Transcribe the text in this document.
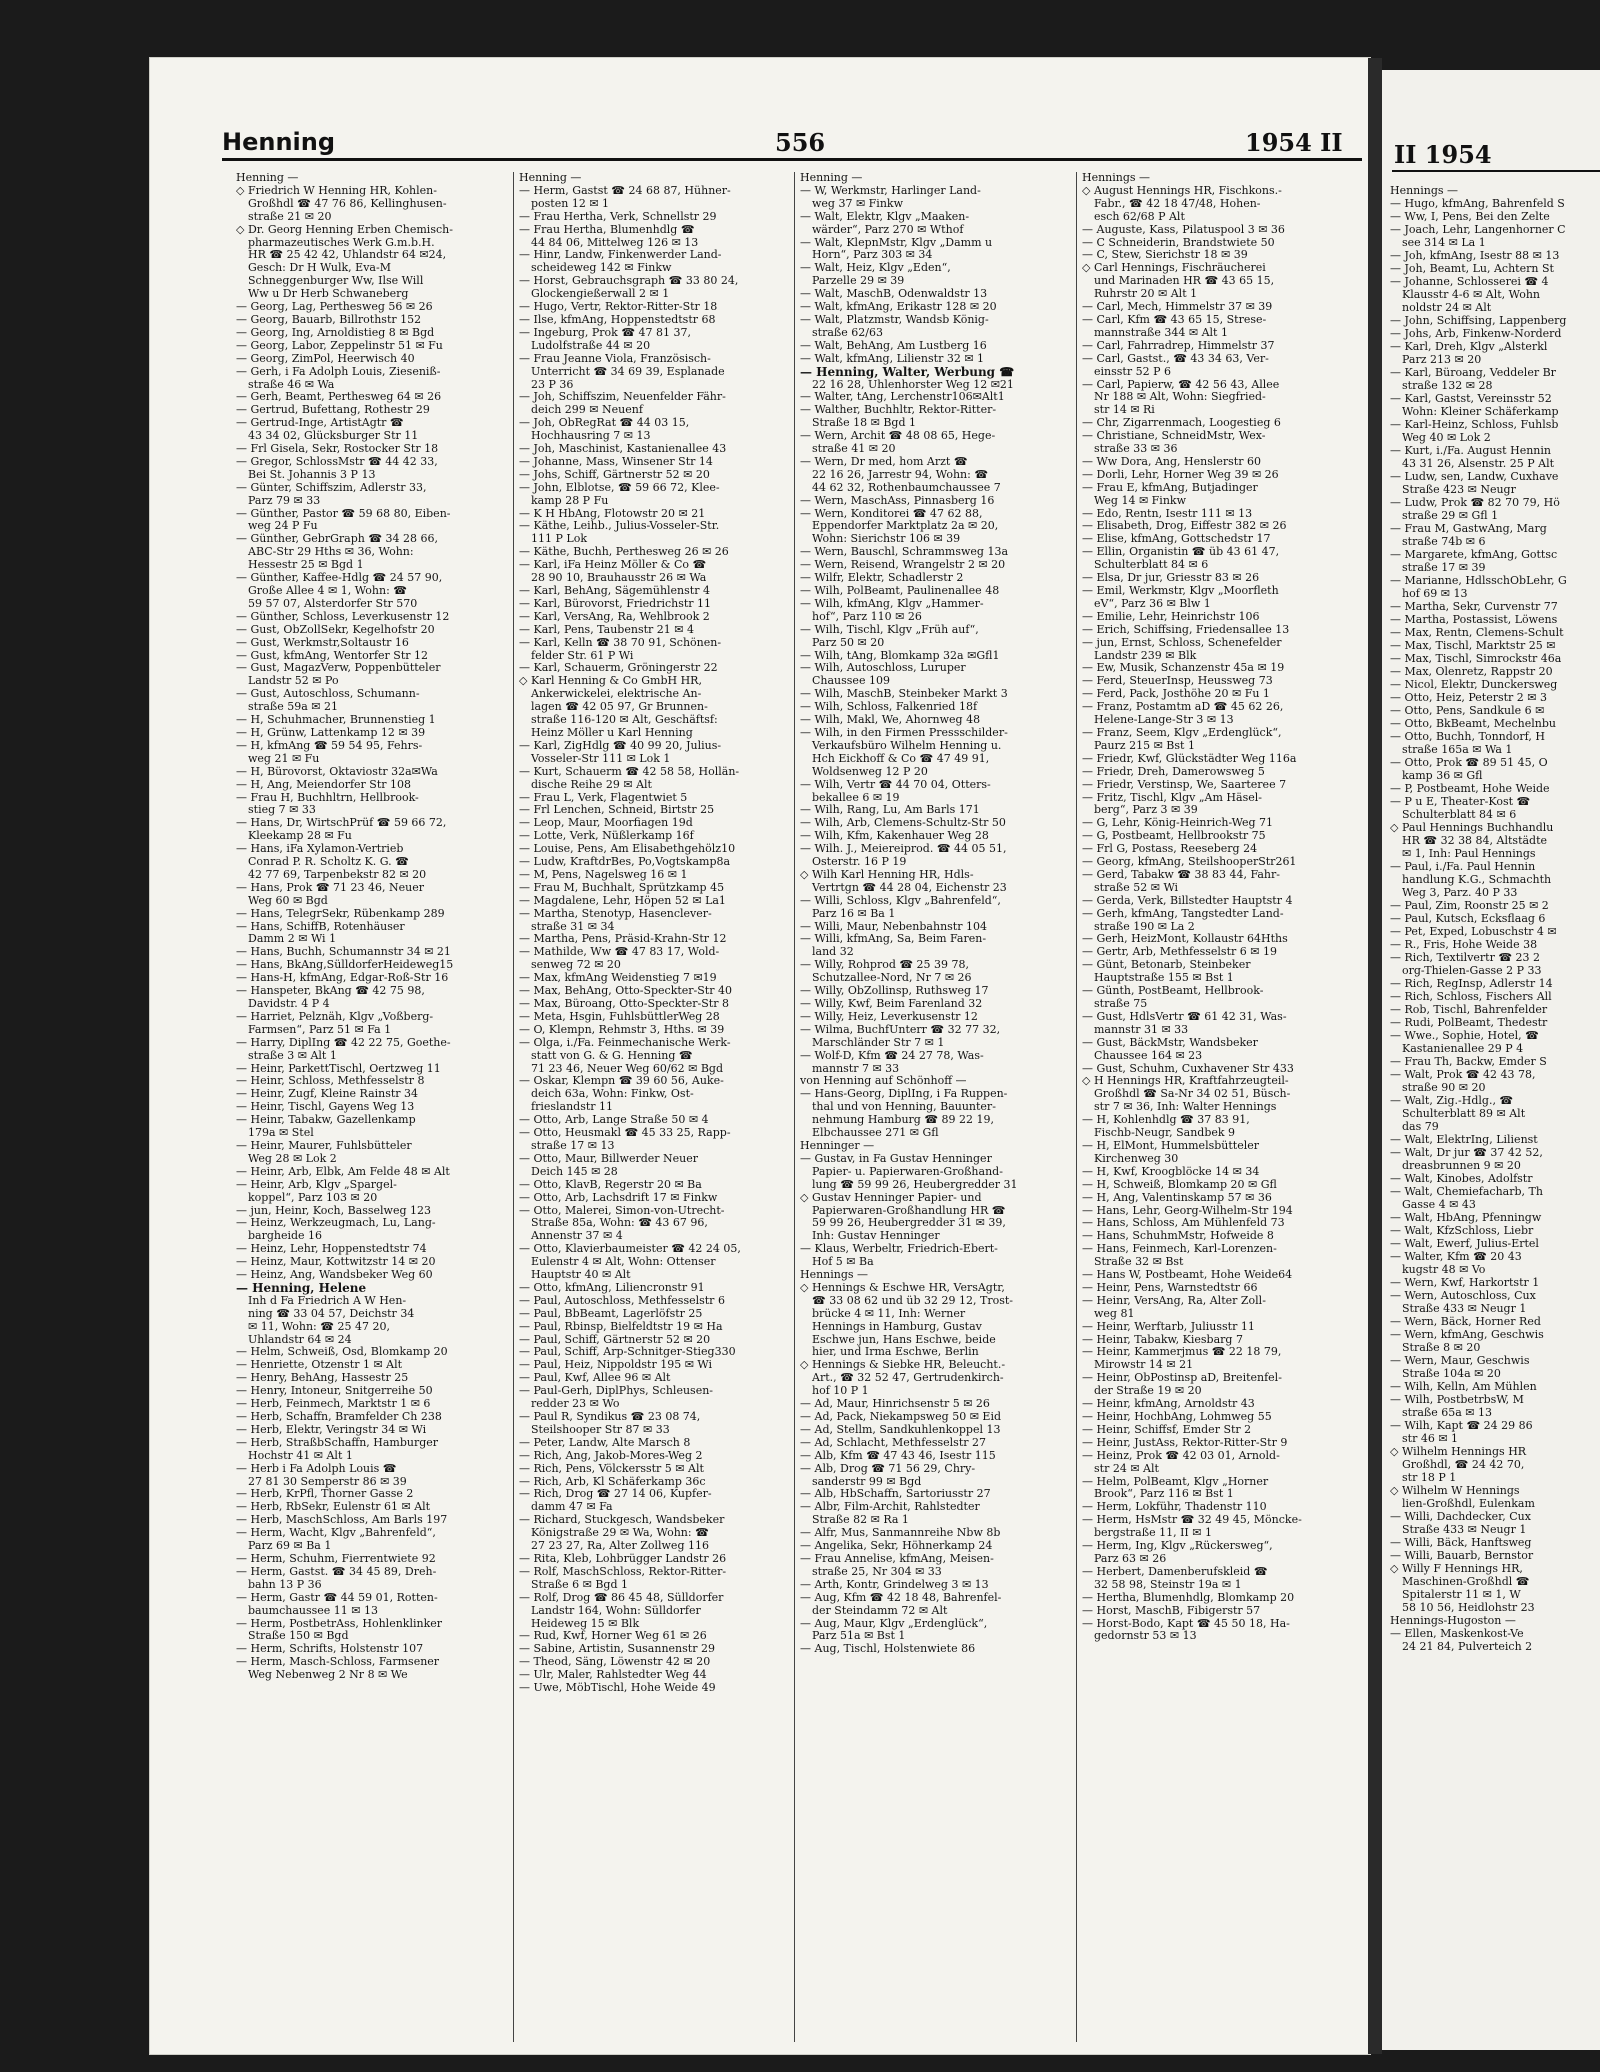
Henning	556	1954 II
Henning —
◇ Friedrich W Henning HR, Kohlen-
Großhdl ☎ 47 76 86, Kellinghusen-
straße 21 ✉ 20
◇ Dr. Georg Henning Erben Chemisch-
pharmazeutisches Werk G.m.b.H.
HR ☎ 25 42 42, Uhlandstr 64 ✉24,
Gesch: Dr H Wulk, Eva-M
Schneggenburger Ww, Ilse Will
Ww u Dr Herb Schwaneberg
— Georg, Lag, Perthesweg 56 ✉ 26
— Georg, Bauarb, Billrothstr 152
— Georg, Ing, Arnoldistieg 8 ✉ Bgd
— Georg, Labor, Zeppelinstr 51 ✉ Fu
— Georg, ZimPol, Heerwisch 40
— Gerh, i Fa Adolph Louis, Ziesenіß-
straße 46 ✉ Wa
— Gerh, Beamt, Perthesweg 64 ✉ 26
— Gertrud, Bufettang, Rothestr 29
— Gertrud-Inge, ArtistAgtr ☎
43 34 02, Glücksburger Str 11
— Frl Gisela, Sekr, Rostocker Str 18
— Gregor, SchlossMstr ☎ 44 42 33,
Bei St. Johannis 3 P 13
— Günter, Schiffszim, Adlerstr 33,
Parz 79 ✉ 33
— Günther, Pastor ☎ 59 68 80, Eiben-
weg 24 P Fu
— Günther, GebrGraph ☎ 34 28 66,
ABC-Str 29 Hths ✉ 36, Wohn:
Hessestr 25 ✉ Bgd 1
— Günther, Kaffee-Hdlg ☎ 24 57 90,
Große Allee 4 ✉ 1, Wohn: ☎
59 57 07, Alsterdorfer Str 570
— Günther, Schloss, Leverkusenstr 12
— Gust, ObZollSekr, Kegelhofstr 20
— Gust, Werkmstr,Soltaustr 16
— Gust, kfmAng, Wentorfer Str 12
— Gust, MagazVerw, Poppenbütteler
Landstr 52 ✉ Po
— Gust, Autoschloss, Schumann-
straße 59a ✉ 21
— H, Schuhmacher, Brunnenstieg 1
— H, Grünw, Lattenkamp 12 ✉ 39
— H, kfmAng ☎ 59 54 95, Fehrs-
weg 21 ✉ Fu
— H, Bürovorst, Oktaviostr 32a✉Wa
— H, Ang, Meiendorfer Str 108
— Frau H, Buchhltrn, Hellbrook-
stieg 7 ✉ 33
— Hans, Dr, WirtschPrüf ☎ 59 66 72,
Kleekamp 28 ✉ Fu
— Hans, iFa Xylamon-Vertrieb
Conrad P. R. Scholtz K. G. ☎
42 77 69, Tarpenbekstr 82 ✉ 20
— Hans, Prok ☎ 71 23 46, Neuer
Weg 60 ✉ Bgd
— Hans, TelegrSekr, Rübenkamp 289
— Hans, SchiffB, Rotenhäuser
Damm 2 ✉ Wi 1
— Hans, Buchh, Schumannstr 34 ✉ 21
— Hans, BkAng,SülldorferHeideweg15
— Hans-H, kfmAng, Edgar-Roß-Str 16
— Hanspeter, BkAng ☎ 42 75 98,
Davidstr. 4 P 4
— Harriet, Pelznäh, Klgv „Voßberg-
Farmsen“, Parz 51 ✉ Fa 1
— Harry, Diplİng ☎ 42 22 75, Goethe-
straße 3 ✉ Alt 1
— Heinr, ParkettTischl, Oertzweg 11
— Heinr, Schloss, Methfesselstr 8
— Heinr, Zugf, Kleine Rainstr 34
— Heinr, Tischl, Gayens Weg 13
— Heinr, Tabakw, Gazellenkamp
179a ✉ Stel
— Heinr, Maurer, Fuhlsbütteler
Weg 28 ✉ Lok 2
— Heinr, Arb, Elbk, Am Felde 48 ✉ Alt
— Heinr, Arb, Klgv „Spargel-
koppel“, Parz 103 ✉ 20
— jun, Heinr, Koch, Basselweg 123
— Heinz, Werkzeugmach, Lu, Lang-
bargheide 16
— Heinz, Lehr, Hoppenstedtstr 74
— Heinz, Maur, Kottwitzstr 14 ✉ 20
— Heinz, Ang, Wandsbeker Weg 60
— Henning, Helene
Inh d Fa Friedrich A W Hen-
ning ☎ 33 04 57, Deichstr 34
✉ 11, Wohn: ☎ 25 47 20,
Uhlandstr 64 ✉ 24
— Helm, Schweiß, Osd, Blomkamp 20
— Henriette, Otzenstr 1 ✉ Alt
— Henry, BehAng, Hassestr 25
— Henry, Intoneur, Snitgerreihe 50
— Herb, Feinmech, Marktstr 1 ✉ 6
— Herb, Schaffn, Bramfelder Ch 238
— Herb, Elektr, Veringstr 34 ✉ Wi
— Herb, StraßbSchaffn, Hamburger
Hochstr 41 ✉ Alt 1
— Herb i Fa Adolph Louis ☎
27 81 30 Semperstr 86 ✉ 39
— Herb, KrPfl, Thorner Gasse 2
— Herb, RbSekr, Eulenstr 61 ✉ Alt
— Herb, MaschSchloss, Am Barls 197
— Herm, Wacht, Klgv „Bahrenfeld“,
Parz 69 ✉ Ba 1
— Herm, Schuhm, Fierrentwiete 92
— Herm, Gastst. ☎ 34 45 89, Dreh-
bahn 13 P 36
— Herm, Gastr ☎ 44 59 01, Rotten-
baumchaussee 11 ✉ 13
— Herm, PostbetrAss, Hohlenklinker
Straße 150 ✉ Bgd
— Herm, Schrifts, Holstenstr 107
— Herm, Masch-Schloss, Farmsener
Weg Nebenweg 2 Nr 8 ✉ We
Henning —
— Herm, Gastst ☎ 24 68 87, Hühner-
posten 12 ✉ 1
— Frau Hertha, Verk, Schnellstr 29
— Frau Hertha, Blumenhdlg ☎
44 84 06, Mittelweg 126 ✉ 13
— Hinr, Landw, Finkenwerder Land-
scheideweg 142 ✉ Finkw
— Horst, Gebrauchsgraph ☎ 33 80 24,
Glockengießerwall 2 ✉ 1
— Hugo, Vertr, Rektor-Ritter-Str 18
— Ilse, kfmAng, Hoppenstedtstr 68
— Ingeburg, Prok ☎ 47 81 37,
Ludolfstraße 44 ✉ 20
— Frau Jeanne Viola, Französisch-
Unterricht ☎ 34 69 39, Esplanade
23 P 36
— Joh, Schiffszim, Neuenfelder Fähr-
deich 299 ✉ Neuenf
— Joh, ObRegRat ☎ 44 03 15,
Hochhausring 7 ✉ 13
— Joh, Maschinist, Kastanienallee 43
— Johanne, Mass, Winsener Str 14
— Johs, Schiff, Gärtnerstr 52 ✉ 20
— John, Elblotse, ☎ 59 66 72, Klee-
kamp 28 P Fu
— K H HbAng, Flotowstr 20 ✉ 21
— Käthe, Leihb., Julius-Vosseler-Str.
111 P Lok
— Käthe, Buchh, Perthesweg 26 ✉ 26
— Karl, iFa Heinz Möller & Co ☎
28 90 10, Brauhausstr 26 ✉ Wa
— Karl, BehAng, Sägemühlenstr 4
— Karl, Bürovorst, Friedrichstr 11
— Karl, VersAng, Ra, Wehlbrook 2
— Karl, Pens, Taubenstr 21 ✉ 4
— Karl, Kelln ☎ 38 70 91, Schönen-
felder Str. 61 P Wi
— Karl, Schauerm, Gröningerstr 22
◇ Karl Henning & Co GmbH HR,
Ankerwickelei, elektrische An-
lagen ☎ 42 05 97, Gr Brunnen-
straße 116-120 ✉ Alt, Geschäftsf:
Heinz Möller u Karl Henning
— Karl, ZigHdlg ☎ 40 99 20, Julius-
Vosseler-Str 111 ✉ Lok 1
— Kurt, Schauerm ☎ 42 58 58, Hollän-
dische Reihe 29 ✉ Alt
— Frau L, Verk, Flagentwiet 5
— Frl Lenchen, Schneid, Birtstr 25
— Leop, Maur, Moorfiagen 19d
— Lotte, Verk, Nüßlerkamp 16f
— Louise, Pens, Am Elisabethgehölz10
— Ludw, KraftdrBes, Po,Vogtskamp8a
— M, Pens, Nagelsweg 16 ✉ 1
— Frau M, Buchhalt, Sprützkamp 45
— Magdalene, Lehr, Höpen 52 ✉ La1
— Martha, Stenotyp, Hasenclever-
straße 31 ✉ 34
— Martha, Pens, Präsid-Krahn-Str 12
— Mathilde, Ww ☎ 47 83 17, Wold-
senweg 72 ✉ 20
— Max, kfmAng Weidenstieg 7 ✉19
— Max, BehAng, Otto-Speckter-Str 40
— Max, Büroang, Otto-Speckter-Str 8
— Meta, Hsgin, FuhlsbüttlerWeg 28
— O, Klempn, Rehmstr 3, Hths. ✉ 39
— Olga, i./Fa. Feinmechanische Werk-
statt von G. & G. Henning ☎
71 23 46, Neuer Weg 60/62 ✉ Bgd
— Oskar, Klempn ☎ 39 60 56, Auke-
deich 63a, Wohn: Finkw, Ost-
frieslandstr 11
— Otto, Arb, Lange Straße 50 ✉ 4
— Otto, Heusmakl ☎ 45 33 25, Rapp-
straße 17 ✉ 13
— Otto, Maur, Billwerder Neuer
Deich 145 ✉ 28
— Otto, KlavB, Regerstr 20 ✉ Ba
— Otto, Arb, Lachsdrift 17 ✉ Finkw
— Otto, Malerei, Simon-von-Utrecht-
Straße 85a, Wohn: ☎ 43 67 96,
Annenstr 37 ✉ 4
— Otto, Klavierbaumeister ☎ 42 24 05,
Eulenstr 4 ✉ Alt, Wohn: Ottenser
Hauptstr 40 ✉ Alt
— Otto, kfmAng, Liliencronstr 91
— Paul, Autoschloss, Methfesselstr 6
— Paul, BbBeamt, Lagerlöfstr 25
— Paul, Rbinsp, Bielfeldtstr 19 ✉ Ha
— Paul, Schiff, Gärtnerstr 52 ✉ 20
— Paul, Schiff, Arp-Schnitger-Stieg330
— Paul, Heiz, Nippoldstr 195 ✉ Wi
— Paul, Kwf, Allee 96 ✉ Alt
— Paul-Gerh, DiplPhys, Schleusen-
redder 23 ✉ Wo
— Paul R, Syndikus ☎ 23 08 74,
Steilshooper Str 87 ✉ 33
— Peter, Landw, Alte Marsch 8
— Rich, Ang, Jakob-Mores-Weg 2
— Rich, Pens, Völckersstr 5 ✉ Alt
— Rich, Arb, Kl Schäferkamp 36c
— Rich, Drog ☎ 27 14 06, Kupfer-
damm 47 ✉ Fa
— Richard, Stuckgesch, Wandsbeker
Königstraße 29 ✉ Wa, Wohn: ☎
27 23 27, Ra, Alter Zollweg 116
— Rita, Kleb, Lohbrügger Landstr 26
— Rolf, MaschSchloss, Rektor-Ritter-
Straße 6 ✉ Bgd 1
— Rolf, Drog ☎ 86 45 48, Sülldorfer
Landstr 164, Wohn: Sülldorfer
Heideweg 15 ✉ Blk
— Rud, Kwf, Horner Weg 61 ✉ 26
— Sabine, Artistin, Susannenstr 29
— Theod, Säng, Löwenstr 42 ✉ 20
— Ulr, Maler, Rahlstedter Weg 44
— Uwe, MöbTischl, Hohe Weide 49
Henning —
— W, Werkmstr, Harlinger Land-
weg 37 ✉ Finkw
— Walt, Elektr, Klgv „Maaken-
wärder“, Parz 270 ✉ Wthof
— Walt, KlepnMstr, Klgv „Damm u
Horn“, Parz 303 ✉ 34
— Walt, Heiz, Klgv „Eden“,
Parzelle 29 ✉ 39
— Walt, MaschB, Odenwaldstr 13
— Walt, kfmAng, Erikastr 128 ✉ 20
— Walt, Platzmstr, Wandsb König-
straße 62/63
— Walt, BehAng, Am Lustberg 16
— Walt, kfmAng, Lilienstr 32 ✉ 1
— Henning, Walter, Werbung ☎
22 16 28, Uhlenhorster Weg 12 ✉21
— Walter, tAng, Lerchenstr106✉Alt1
— Walther, Buchhltr, Rektor-Ritter-
Straße 18 ✉ Bgd 1
— Wern, Archit ☎ 48 08 65, Hege-
straße 41 ✉ 20
— Wern, Dr med, hom Arzt ☎
22 16 26, Jarrestr 94, Wohn: ☎
44 62 32, Rothenbaumchaussee 7
— Wern, MaschAss, Pinnasberg 16
— Wern, Konditorei ☎ 47 62 88,
Eppendorfer Marktplatz 2a ✉ 20,
Wohn: Sierichstr 106 ✉ 39
— Wern, Bauschl, Schrammsweg 13a
— Wern, Reisend, Wrangelstr 2 ✉ 20
— Wilfr, Elektr, Schadlerstr 2
— Wilh, PolBeamt, Paulinenallee 48
— Wilh, kfmAng, Klgv „Hammer-
hof“, Parz 110 ✉ 26
— Wilh, Tischl, Klgv „Früh auf“,
Parz 50 ✉ 20
— Wilh, tAng, Blomkamp 32a ✉Gfl1
— Wilh, Autoschloss, Luruper
Chaussee 109
— Wilh, MaschB, Steinbeker Markt 3
— Wilh, Schloss, Falkenried 18f
— Wilh, Makl, We, Ahornweg 48
— Wilh, in den Firmen Pressschilder-
Verkaufsbüro Wilhelm Henning u.
Hch Eickhoff & Co ☎ 47 49 91,
Woldsenweg 12 P 20
— Wilh, Vertr ☎ 44 70 04, Otters-
bekallee 6 ✉ 19
— Wilh, Rang, Lu, Am Barls 171
— Wilh, Arb, Clemens-Schultz-Str 50
— Wilh, Kfm, Kakenhauer Weg 28
— Wilh. J., Meiereiprod. ☎ 44 05 51,
Osterstr. 16 P 19
◇ Wilh Karl Henning HR, Hdls-
Vertrtgn ☎ 44 28 04, Eichenstr 23
— Willi, Schloss, Klgv „Bahrenfeld“,
Parz 16 ✉ Ba 1
— Willi, Maur, Nebenbahnstr 104
— Willi, kfmAng, Sa, Beim Faren-
land 32
— Willy, Rohprod ☎ 25 39 78,
Schutzallee-Nord, Nr 7 ✉ 26
— Willy, ObZollinsp, Ruthsweg 17
— Willy, Kwf, Beim Farenland 32
— Willy, Heiz, Leverkusenstr 12
— Wilma, BuchfUnterr ☎ 32 77 32,
Marschländer Str 7 ✉ 1
— Wolf-D, Kfm ☎ 24 27 78, Was-
mannstr 7 ✉ 33
von Henning auf Schönhoff —
— Hans-Georg, Diplİng, i Fa Ruppen-
thal und von Henning, Bauunter-
nehmung Hamburg ☎ 89 22 19,
Elbchaussee 271 ✉ Gfl
Henninger —
— Gustav, in Fa Gustav Henninger
Papier- u. Papierwaren-Großhand-
lung ☎ 59 99 26, Heubergredder 31
◇ Gustav Henninger Papier- und
Papierwaren-Großhandlung HR ☎
59 99 26, Heubergredder 31 ✉ 39,
Inh: Gustav Henninger
— Klaus, Werbeltr, Friedrich-Ebert-
Hof 5 ✉ Ba
Hennings —
◇ Hennings & Eschwe HR, VersAgtr,
☎ 33 08 62 und üb 32 29 12, Trost-
brücke 4 ✉ 11, Inh: Werner
Hennings in Hamburg, Gustav
Eschwe jun, Hans Eschwe, beide
hier, und Irma Eschwe, Berlin
◇ Hennings & Siebke HR, Beleucht.-
Art., ☎ 32 52 47, Gertrudenkirch-
hof 10 P 1
— Ad, Maur, Hinrichsenstr 5 ✉ 26
— Ad, Pack, Niekampsweg 50 ✉ Eid
— Ad, Stellm, Sandkuhlenkoppel 13
— Ad, Schlacht, Methfesselstr 27
— Alb, Kfm ☎ 47 43 46, Isestr 115
— Alb, Drog ☎ 71 56 29, Chry-
sanderstr 99 ✉ Bgd
— Alb, HbSchaffn, Sartoriusstr 27
— Albr, Film-Archit, Rahlstedter
Straße 82 ✉ Ra 1
— Alfr, Mus, Sanmannreihe Nbw 8b
— Angelika, Sekr, Höhnerkamp 24
— Frau Annelise, kfmAng, Meisen-
straße 25, Nr 304 ✉ 33
— Arth, Kontr, Grindelweg 3 ✉ 13
— Aug, Kfm ☎ 42 18 48, Bahrenfel-
der Steindamm 72 ✉ Alt
— Aug, Maur, Klgv „Erdenglück“,
Parz 51a ✉ Bst 1
— Aug, Tischl, Holstenwiete 86
Hennings —
◇ August Hennings HR, Fischkons.-
Fabr., ☎ 42 18 47/48, Hohen-
esch 62/68 P Alt
— Auguste, Kass, Pilatuspool 3 ✉ 36
— C Schneiderin, Brandstwiete 50
— C, Stew, Sierichstr 18 ✉ 39
◇ Carl Hennings, Fischräucherei
und Marinaden HR ☎ 43 65 15,
Ruhrstr 20 ✉ Alt 1
— Carl, Mech, Himmelstr 37 ✉ 39
— Carl, Kfm ☎ 43 65 15, Strese-
mannstraße 344 ✉ Alt 1
— Carl, Fahrradrep, Himmelstr 37
— Carl, Gastst., ☎ 43 34 63, Ver-
einsstr 52 P 6
— Carl, Papierw, ☎ 42 56 43, Allee
Nr 188 ✉ Alt, Wohn: Siegfried-
str 14 ✉ Ri
— Chr, Zigarrenmach, Loogestieg 6
— Christiane, SchneidMstr, Wex-
straße 33 ✉ 36
— Ww Dora, Ang, Henslerstr 60
— Dorli, Lehr, Horner Weg 39 ✉ 26
— Frau E, kfmAng, Butjadinger
Weg 14 ✉ Finkw
— Edo, Rentn, Isestr 111 ✉ 13
— Elisabeth, Drog, Eiffestr 382 ✉ 26
— Elise, kfmAng, Gottschedstr 17
— Ellin, Organistin ☎ üb 43 61 47,
Schulterblatt 84 ✉ 6
— Elsa, Dr jur, Griesstr 83 ✉ 26
— Emil, Werkmstr, Klgv „Moorfleth
eV“, Parz 36 ✉ Blw 1
— Emilie, Lehr, Heinrichstr 106
— Erich, Schiffsing, Friedensallee 13
— jun, Ernst, Schloss, Schenefelder
Landstr 239 ✉ Blk
— Ew, Musik, Schanzenstr 45a ✉ 19
— Ferd, SteuerInsp, Heussweg 73
— Ferd, Pack, Josthöhe 20 ✉ Fu 1
— Franz, Postamtm aD ☎ 45 62 26,
Helene-Lange-Str 3 ✉ 13
— Franz, Seem, Klgv „Erdenglück“,
Paurz 215 ✉ Bst 1
— Friedr, Kwf, Glückstädter Weg 116a
— Friedr, Dreh, Damerowsweg 5
— Friedr, Verstinsp, We, Saarteree 7
— Fritz, Tischl, Klgv „Am Häsel-
berg“, Parz 3 ✉ 39
— G, Lehr, König-Heinrich-Weg 71
— G, Postbeamt, Hellbrookstr 75
— Frl G, Postass, Reeseberg 24
— Georg, kfmAng, SteilshooperStr261
— Gerd, Tabakw ☎ 38 83 44, Fahr-
straße 52 ✉ Wi
— Gerda, Verk, Billstedter Hauptstr 4
— Gerh, kfmAng, Tangstedter Land-
straße 190 ✉ La 2
— Gerh, HeizMont, Kollaustr 64Hths
— Gertr, Arb, Methfesselstr 6 ✉ 19
— Günt, Betonarb, Steinbeker
Hauptstraße 155 ✉ Bst 1
— Günth, PostBeamt, Hellbrook-
straße 75
— Gust, HdlsVertr ☎ 61 42 31, Was-
mannstr 31 ✉ 33
— Gust, BäckMstr, Wandsbeker
Chaussee 164 ✉ 23
— Gust, Schuhm, Cuxhavener Str 433
◇ H Hennings HR, Kraftfahrzeugteil-
Großhdl ☎ Sa-Nr 34 02 51, Büsch-
str 7 ✉ 36, Inh: Walter Hennings
— H, Kohlenhdlg ☎ 37 83 91,
Fischb-Neugr, Sandbek 9
— H, ElMont, Hummelsbütteler
Kirchenweg 30
— H, Kwf, Kroogblöcke 14 ✉ 34
— H, Schweiß, Blomkamp 20 ✉ Gfl
— H, Ang, Valentinskamp 57 ✉ 36
— Hans, Lehr, Georg-Wilhelm-Str 194
— Hans, Schloss, Am Mühlenfeld 73
— Hans, SchuhmMstr, Hofweide 8
— Hans, Feinmech, Karl-Lorenzen-
Straße 32 ✉ Bst
— Hans W, Postbeamt, Hohe Weide64
— Heinr, Pens, Warnstedtstr 66
— Heinr, VersAng, Ra, Alter Zoll-
weg 81
— Heinr, Werftarb, Juliusstr 11
— Heinr, Tabakw, Kiesbarg 7
— Heinr, Kammerjmus ☎ 22 18 79,
Mirowstr 14 ✉ 21
— Heinr, ObPostinsp aD, Breitenfel-
der Straße 19 ✉ 20
— Heinr, kfmAng, Arnoldstr 43
— Heinr, HochbAng, Lohmweg 55
— Heinr, Schiffsf, Emder Str 2
— Heinr, JustAss, Rektor-Ritter-Str 9
— Heinz, Prok ☎ 42 03 01, Arnold-
str 24 ✉ Alt
— Helm, PolBeamt, Klgv „Horner
Brook“, Parz 116 ✉ Bst 1
— Herm, Lokführ, Thadenstr 110
— Herm, HsMstr ☎ 32 49 45, Möncke-
bergstraße 11, II ✉ 1
— Herm, Ing, Klgv „Rückersweg“,
Parz 63 ✉ 26
— Herbert, Damenberufskleid ☎
32 58 98, Steinstr 19a ✉ 1
— Hertha, Blumenhdlg, Blomkamp 20
— Horst, MaschB, Fibigerstr 57
— Horst-Bodo, Kapt ☎ 45 50 18, Ha-
gedornstr 53 ✉ 13
II 1954
Hennings —
— Hugo, kfmAng, Bahrenfeld S
— Ww, I, Pens, Bei den Zelte
— Joach, Lehr, Langenhorner C
see 314 ✉ La 1
— Joh, kfmAng, Isestr 88 ✉ 13
— Joh, Beamt, Lu, Achtern St
— Johanne, Schlosserei ☎ 4
Klausstr 4-6 ✉ Alt, Wohn
noldstr 24 ✉ Alt
— John, Schiffsing, Lappenberg
— Johs, Arb, Finkenw-Norderd
— Karl, Dreh, Klgv „Alsterkl
Parz 213 ✉ 20
— Karl, Büroang, Veddeler Br
straße 132 ✉ 28
— Karl, Gastst, Vereinsstr 52
Wohn: Kleiner Schäferkamp
— Karl-Heinz, Schloss, Fuhlsb
Weg 40 ✉ Lok 2
— Kurt, i./Fa. August Hennin
43 31 26, Alsenstr. 25 P Alt
— Ludw, sen, Landw, Cuxhave
Straße 423 ✉ Neugr
— Ludw, Prok ☎ 82 70 79, Hö
straße 29 ✉ Gfl 1
— Frau M, GastwAng, Marg
straße 74b ✉ 6
— Margarete, kfmAng, Gottsc
straße 17 ✉ 39
— Marianne, HdlsschObLehr, G
hof 69 ✉ 13
— Martha, Sekr, Curvenstr 77
— Martha, Postassist, Löwens
— Max, Rentn, Clemens-Schult
— Max, Tischl, Marktstr 25 ✉
— Max, Tischl, Simrockstr 46a
— Max, Olenretz, Rappstr 20
— Nicol, Elektr, Dunckersweg
— Otto, Heiz, Peterstr 2 ✉ 3
— Otto, Pens, Sandkule 6 ✉
— Otto, BkBeamt, Mechelnbu
— Otto, Buchh, Tonndorf, H
straße 165a ✉ Wa 1
— Otto, Prok ☎ 89 51 45, O
kamp 36 ✉ Gfl
— P, Postbeamt, Hohe Weide
— P u E, Theater-Kost ☎
Schulterblatt 84 ✉ 6
◇ Paul Hennings Buchhandlu
HR ☎ 32 38 84, Altstädte
✉ 1, Inh: Paul Hennings
— Paul, i./Fa. Paul Hennin
handlung K.G., Schmachth
Weg 3, Parz. 40 P 33
— Paul, Zim, Roonstr 25 ✉ 2
— Paul, Kutsch, Ecksflaag 6
— Pet, Exped, Lobuschstr 4 ✉
— R., Fris, Hohe Weide 38
— Rich, Textilvertr ☎ 23 2
org-Thielen-Gasse 2 P 33
— Rich, RegInsp, Adlerstr 14
— Rich, Schloss, Fischers All
— Rob, Tischl, Bahrenfelder
— Rudi, PolBeamt, Thedestr
— Wwe., Sophie, Hotel, ☎
Kastanienallee 29 P 4
— Frau Th, Backw, Emder S
— Walt, Prok ☎ 42 43 78,
straße 90 ✉ 20
— Walt, Zig.-Hdlg., ☎
Schulterblatt 89 ✉ Alt
das 79
— Walt, ElektrIng, Lilienst
— Walt, Dr jur ☎ 37 42 52,
dreasbrunnen 9 ✉ 20
— Walt, Kinobes, Adolfstr
— Walt, Chemiefacharb, Th
Gasse 4 ✉ 43
— Walt, HbAng, Pfenningw
— Walt, KfzSchloss, Liebr
— Walt, Ewerf, Julius-Ertel
— Walter, Kfm ☎ 20 43
kugstr 48 ✉ Vo
— Wern, Kwf, Harkortstr 1
— Wern, Autoschloss, Cux
Straße 433 ✉ Neugr 1
— Wern, Bäck, Horner Red
— Wern, kfmAng, Geschwis
Straße 8 ✉ 20
— Wern, Maur, Geschwis
Straße 104a ✉ 20
— Wilh, Kelln, Am Mühlen
— Wilh, PostbetrbsW, M
straße 65a ✉ 13
— Wilh, Kapt ☎ 24 29 86
str 46 ✉ 1
◇ Wilhelm Hennings HR
Großhdl, ☎ 24 42 70,
str 18 P 1
◇ Wilhelm W Hennings
lien-Großhdl, Eulenkam
— Willi, Dachdecker, Cux
Straße 433 ✉ Neugr 1
— Willi, Bäck, Hanftsweg
— Willi, Bauarb, Bernstor
◇ Willy F Hennings HR,
Maschinen-Großhdl ☎
Spitalerstr 11 ✉ 1, W
58 10 56, Heidlohstr 23
Hennings-Hugoston —
— Ellen, Maskenkost-Ve
24 21 84, Pulverteich 2
